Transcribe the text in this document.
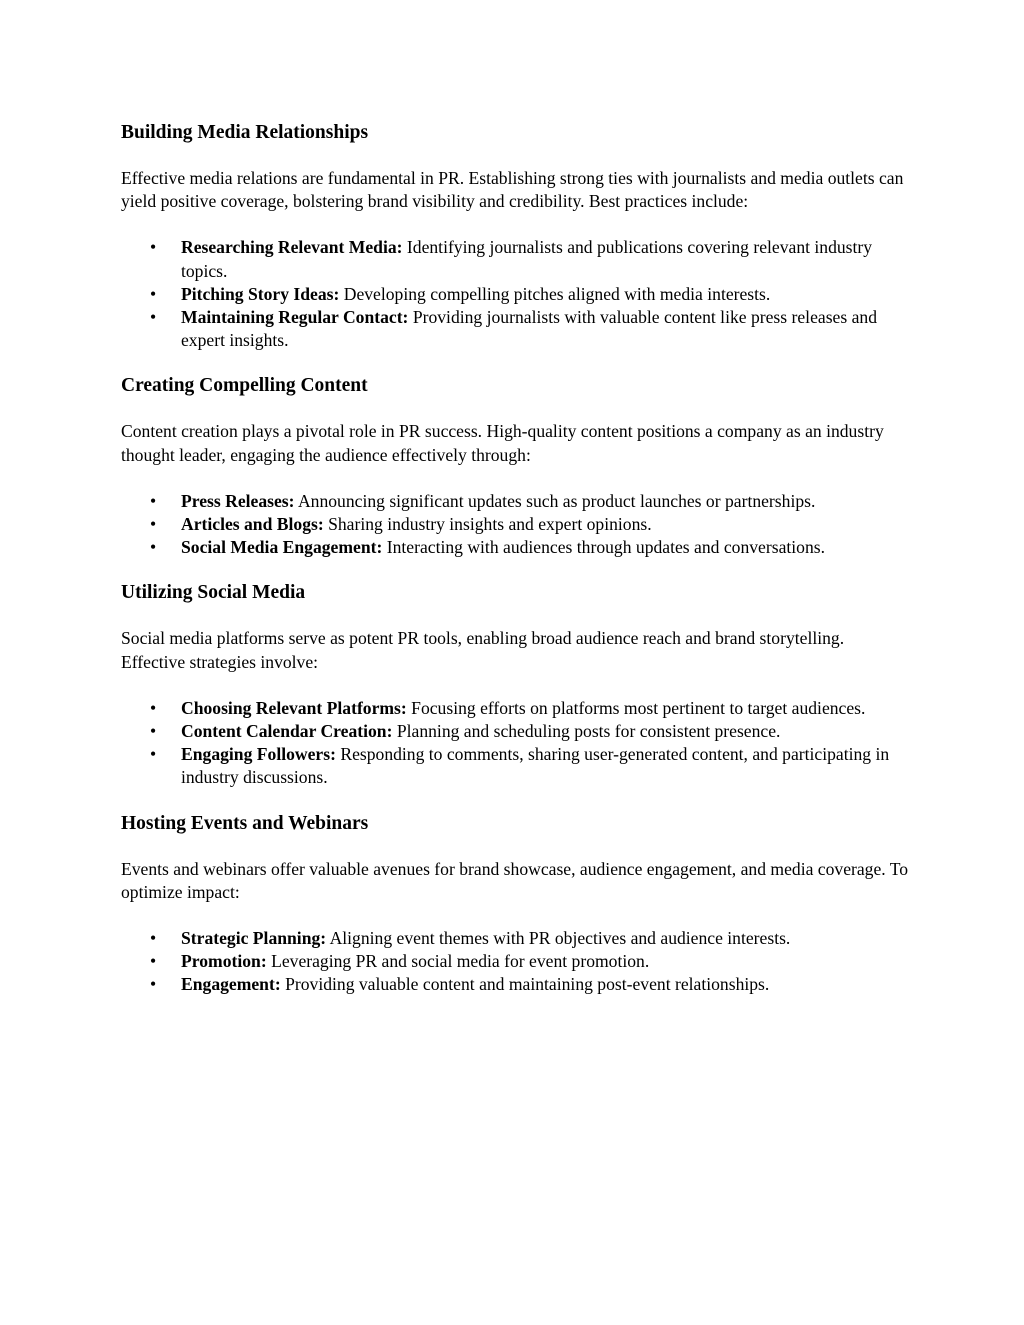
Building Media Relationships

Effective media relations are fundamental in PR. Establishing strong ties with journalists and media outlets can yield positive coverage, bolstering brand visibility and credibility. Best practices include:

• Researching Relevant Media: Identifying journalists and publications covering relevant industry topics.
• Pitching Story Ideas: Developing compelling pitches aligned with media interests.
• Maintaining Regular Contact: Providing journalists with valuable content like press releases and expert insights.
Creating Compelling Content

Content creation plays a pivotal role in PR success. High-quality content positions a company as an industry thought leader, engaging the audience effectively through:

• Press Releases: Announcing significant updates such as product launches or partnerships.
• Articles and Blogs: Sharing industry insights and expert opinions.
• Social Media Engagement: Interacting with audiences through updates and conversations.
Utilizing Social Media

Social media platforms serve as potent PR tools, enabling broad audience reach and brand storytelling. Effective strategies involve:

• Choosing Relevant Platforms: Focusing efforts on platforms most pertinent to target audiences.
• Content Calendar Creation: Planning and scheduling posts for consistent presence.
• Engaging Followers: Responding to comments, sharing user-generated content, and participating in industry discussions.
Hosting Events and Webinars

Events and webinars offer valuable avenues for brand showcase, audience engagement, and media coverage. To optimize impact:

• Strategic Planning: Aligning event themes with PR objectives and audience interests.
• Promotion: Leveraging PR and social media for event promotion.
• Engagement: Providing valuable content and maintaining post-event relationships.
